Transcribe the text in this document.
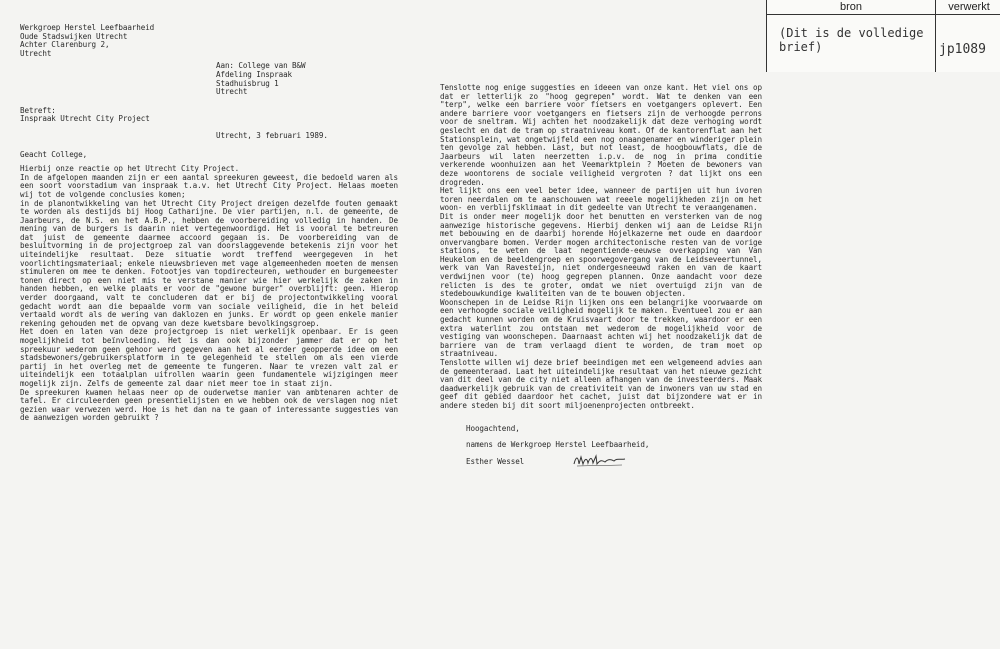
bron	verwerkt
(Dit is de volledige
brief)	jp1089
Werkgroep Herstel Leefbaarheid
Oude Stadswijken Utrecht
Achter Clarenburg 2,
Utrecht
Aan: College van B&W
Afdeling Inspraak
Stadhuisbrug 1
Utrecht
Betreft:
Inspraak Utrecht City Project
Utrecht, 3 februari 1989.
Geacht College,
Hierbij onze reactie op het Utrecht City Project.

In de afgelopen maanden zijn er een aantal spreekuren geweest, die bedoeld waren als een soort voorstadium van inspraak t.a.v. het Utrecht City Project. Helaas moeten wij tot de volgende conclusies komen;

in de planontwikkeling van het Utrecht City Project dreigen dezelfde fouten gemaakt te worden als destijds bij Hoog Catharijne. De vier partijen, n.l. de gemeente, de Jaarbeurs, de N.S. en het A.B.P., hebben de voorbereiding volledig in handen. De mening van de burgers is daarin niet vertegenwoordigd. Het is vooral te betreuren dat juist de gemeente daarmee accoord gegaan is. De voorbereiding van de besluitvorming in de projectgroep zal van doorslaggevende betekenis zijn voor het uiteindelijke resultaat. Deze situatie wordt treffend weergegeven in het voorlichtingsmateriaal; enkele nieuwsbrieven met vage algemeenheden moeten de mensen stimuleren om mee te denken. Fotootjes van topdirecteuren, wethouder en burgemeester tonen direct op een niet mis te verstane manier wie hier werkelijk de zaken in handen hebben, en welke plaats er voor de "gewone burger" overblijft: geen. Hierop verder doorgaand, valt te concluderen dat er bij de projectontwikkeling vooral gedacht wordt aan die bepaalde vorm van sociale veiligheid, die in het beleid vertaald wordt als de wering van daklozen en junks. Er wordt op geen enkele manier rekening gehouden met de opvang van deze kwetsbare bevolkingsgroep.

Het doen en laten van deze projectgroep is niet werkelijk openbaar. Er is geen mogelijkheid tot beïnvloeding. Het is dan ook bijzonder jammer dat er op het spreekuur wederom geen gehoor werd gegeven aan het al eerder geopperde idee om een stadsbewoners/gebruikersplatform in te gelegenheid te stellen om als een vierde partij in het overleg met de gemeente te fungeren. Naar te vrezen valt zal er uiteindelijk een totaalplan uitrollen waarin geen fundamentele wijzigingen meer mogelijk zijn. Zelfs de gemeente zal daar niet meer toe in staat zijn.

De spreekuren kwamen helaas neer op de ouderwetse manier van ambtenaren achter de tafel. Er circuleerden geen presentielijsten en we hebben ook de verslagen nog niet gezien waar verwezen werd. Hoe is het dan na te gaan of interessante suggesties van de aanwezigen worden gebruikt ?

Tenslotte nog enige suggesties en ideeen van onze kant. Het viel ons op dat er letterlijk zo "hoog gegrepen" wordt. Wat te denken van een "terp", welke een barriere voor fietsers en voetgangers oplevert. Een andere barriere voor voetgangers en fietsers zijn de verhoogde perrons voor de sneltram. Wij achten het noodzakelijk dat deze verhoging wordt geslecht en dat de tram op straatniveau komt. Of de kantorenflat aan het Stationsplein, wat ongetwijfeld een nog onaangenamer en winderiger plein ten gevolge zal hebben. Last, but not least, de hoogbouwflats, die de Jaarbeurs wil laten neerzetten i.p.v. de nog in prima conditie verkerende woonhuizen aan het Veemarktplein ? Moeten de bewoners van deze woontorens de sociale veiligheid vergroten ? dat lijkt ons een drogreden.

Het lijkt ons een veel beter idee, wanneer de partijen uit hun ivoren toren neerdalen om te aanschouwen wat reeele mogelijkheden zijn om het woon- en verblijfsklimaat in dit gedeelte van Utrecht te veraangenamen.

Dit is onder meer mogelijk door het benutten en versterken van de nog aanwezige historische gegevens. Hierbij denken wij aan de Leidse Rijn met bebouwing en de daarbij horende Hojelkazerne met oude en daardoor onvervangbare bomen. Verder mogen architectonische resten van de vorige stations, te weten de laat negentiende-eeuwse overkapping van Van Heukelom en de beeldengroep en spoorwegovergang van de Leidseveertunnel, werk van Van Ravesteijn, niet ondergesneeuwd raken en van de kaart verdwijnen voor (te) hoog gegrepen plannen. Onze aandacht voor deze relicten is des te groter, omdat we niet overtuigd zijn van de stedebouwkundige kwaliteiten van de te bouwen objecten.

Woonschepen in de Leidse Rijn lijken ons een belangrijke voorwaarde om een verhoogde sociale veiligheid mogelijk te maken. Eventueel zou er aan gedacht kunnen worden om de Kruisvaart door te trekken, waardoor er een extra waterlint zou ontstaan met wederom de mogelijkheid voor de vestiging van woonschepen. Daarnaast achten wij het noodzakelijk dat de barriere van de tram verlaagd dient te worden, de tram moet op straatniveau.

Tenslotte willen wij deze brief beeindigen met een welgemeend advies aan de gemeenteraad. Laat het uiteindelijke resultaat van het nieuwe gezicht van dit deel van de city niet alleen afhangen van de investeerders. Maak daadwerkelijk gebruik van de creativiteit van de inwoners van uw stad en geef dit gebied daardoor het cachet, juist dat bijzondere wat er in andere steden bij dit soort miljoenenprojecten ontbreekt.

Hoogachtend,
namens de Werkgroep Herstel Leefbaarheid,
Esther Wessel
